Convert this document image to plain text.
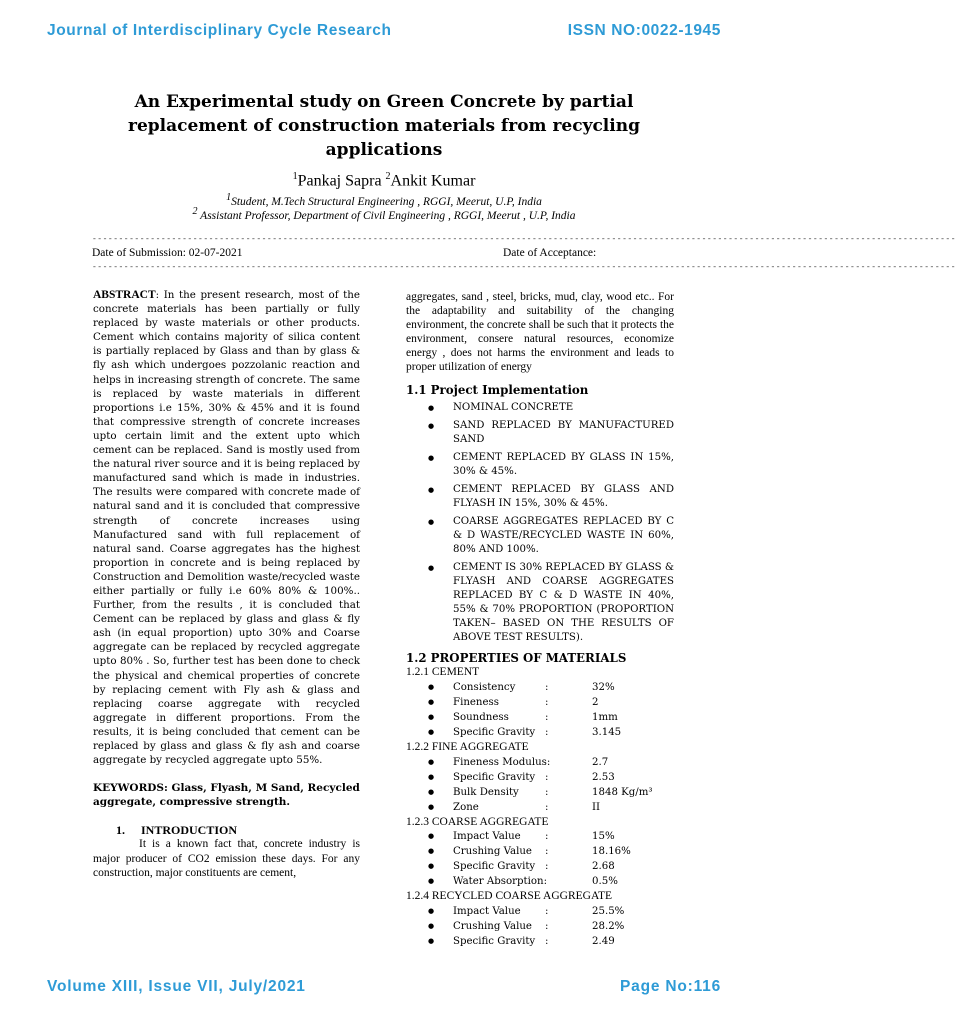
Journal of Interdisciplinary Cycle Research	ISSN NO:0022-1945
An Experimental study on Green Concrete by partial replacement of construction materials from recycling applications
$^1$Pankaj Sapra $^2$Ankit Kumar
$^1$Student, M.Tech Structural Engineering , RGGI, Meerut, U.P, India
$^2$ Assistant Professor, Department of Civil Engineering , RGGI, Meerut , U.P, India
-------------------------------------------------------------------------------------------------------------------------------------------------------------------
Date of Submission: 02-07-2021	Date of Acceptance:
-------------------------------------------------------------------------------------------------------------------------------------------------------------------

ABSTRACT: In the present research, most of the concrete materials has been partially or fully replaced by waste materials or other products. Cement which contains majority of silica content is partially replaced by Glass and than by glass & fly ash which undergoes pozzolanic reaction and helps in increasing strength of concrete. The same is replaced by waste materials in different proportions i.e 15%, 30% & 45% and it is found that compressive strength of concrete increases upto certain limit and the extent upto which cement can be replaced. Sand is mostly used from the natural river source and it is being replaced by manufactured sand which is made in industries. The results were compared with concrete made of natural sand and it is concluded that compressive strength of concrete increases using Manufactured sand with full replacement of natural sand. Coarse aggregates has the highest proportion in concrete and is being replaced by Construction and Demolition waste/recycled waste either partially or fully i.e 60% 80% & 100%.. Further, from the results , it is concluded that Cement can be replaced by glass and glass & fly ash (in equal proportion) upto 30% and Coarse aggregate can be replaced by recycled aggregate upto 80% . So, further test has been done to check the physical and chemical properties of concrete by replacing cement with Fly ash & glass and replacing coarse aggregate with recycled aggregate in different proportions. From the results, it is being concluded that cement can be replaced by glass and glass & fly ash and coarse aggregate by recycled aggregate upto 55%.

KEYWORDS: Glass, Flyash, M Sand, Recycled aggregate, compressive strength.
1. INTRODUCTION

It is a known fact that, concrete industry is major producer of CO2 emission these days. For any construction, major constituents are cement,

aggregates, sand , steel, bricks, mud, clay, wood etc.. For the adaptability and suitability of the changing environment, the concrete shall be such that it protects the environment, consere natural resources, economize energy , does not harms the environment and leads to proper utilization of energy

1.1 Project Implementation
● NOMINAL CONCRETE
● SAND REPLACED BY MANUFACTURED SAND
● CEMENT REPLACED BY GLASS IN 15%, 30% & 45%.
● CEMENT REPLACED BY GLASS AND FLYASH IN 15%, 30% & 45%.
● COARSE AGGREGATES REPLACED BY C & D WASTE/RECYCLED WASTE IN 60%, 80% AND 100%.
● CEMENT IS 30% REPLACED BY GLASS & FLYASH AND COARSE AGGREGATES REPLACED BY C & D WASTE IN 40%, 55% & 70% PROPORTION (PROPORTION TAKEN– BASED ON THE RESULTS OF ABOVE TEST RESULTS).
1.2 PROPERTIES OF MATERIALS
1.2.1 CEMENT
● Consistency	:	32%
● Fineness	:	2
● Soundness	:	1mm
● Specific Gravity :	3.145
1.2.2 FINE AGGREGATE
● Fineness Modulus:	2.7
● Specific Gravity :	2.53
● Bulk Density	:	1848 Kg/m³
● Zone	:	II
1.2.3 COARSE AGGREGATE
● Impact Value :	15%
● Crushing Value :	18.16%
● Specific Gravity :	2.68
● Water Absorption:	0.5%
1.2.4 RECYCLED COARSE AGGREGATE
● Impact Value :	25.5%
● Crushing Value :	28.2%
● Specific Gravity :	2.49
Volume XIII, Issue VII, July/2021	Page No:116
